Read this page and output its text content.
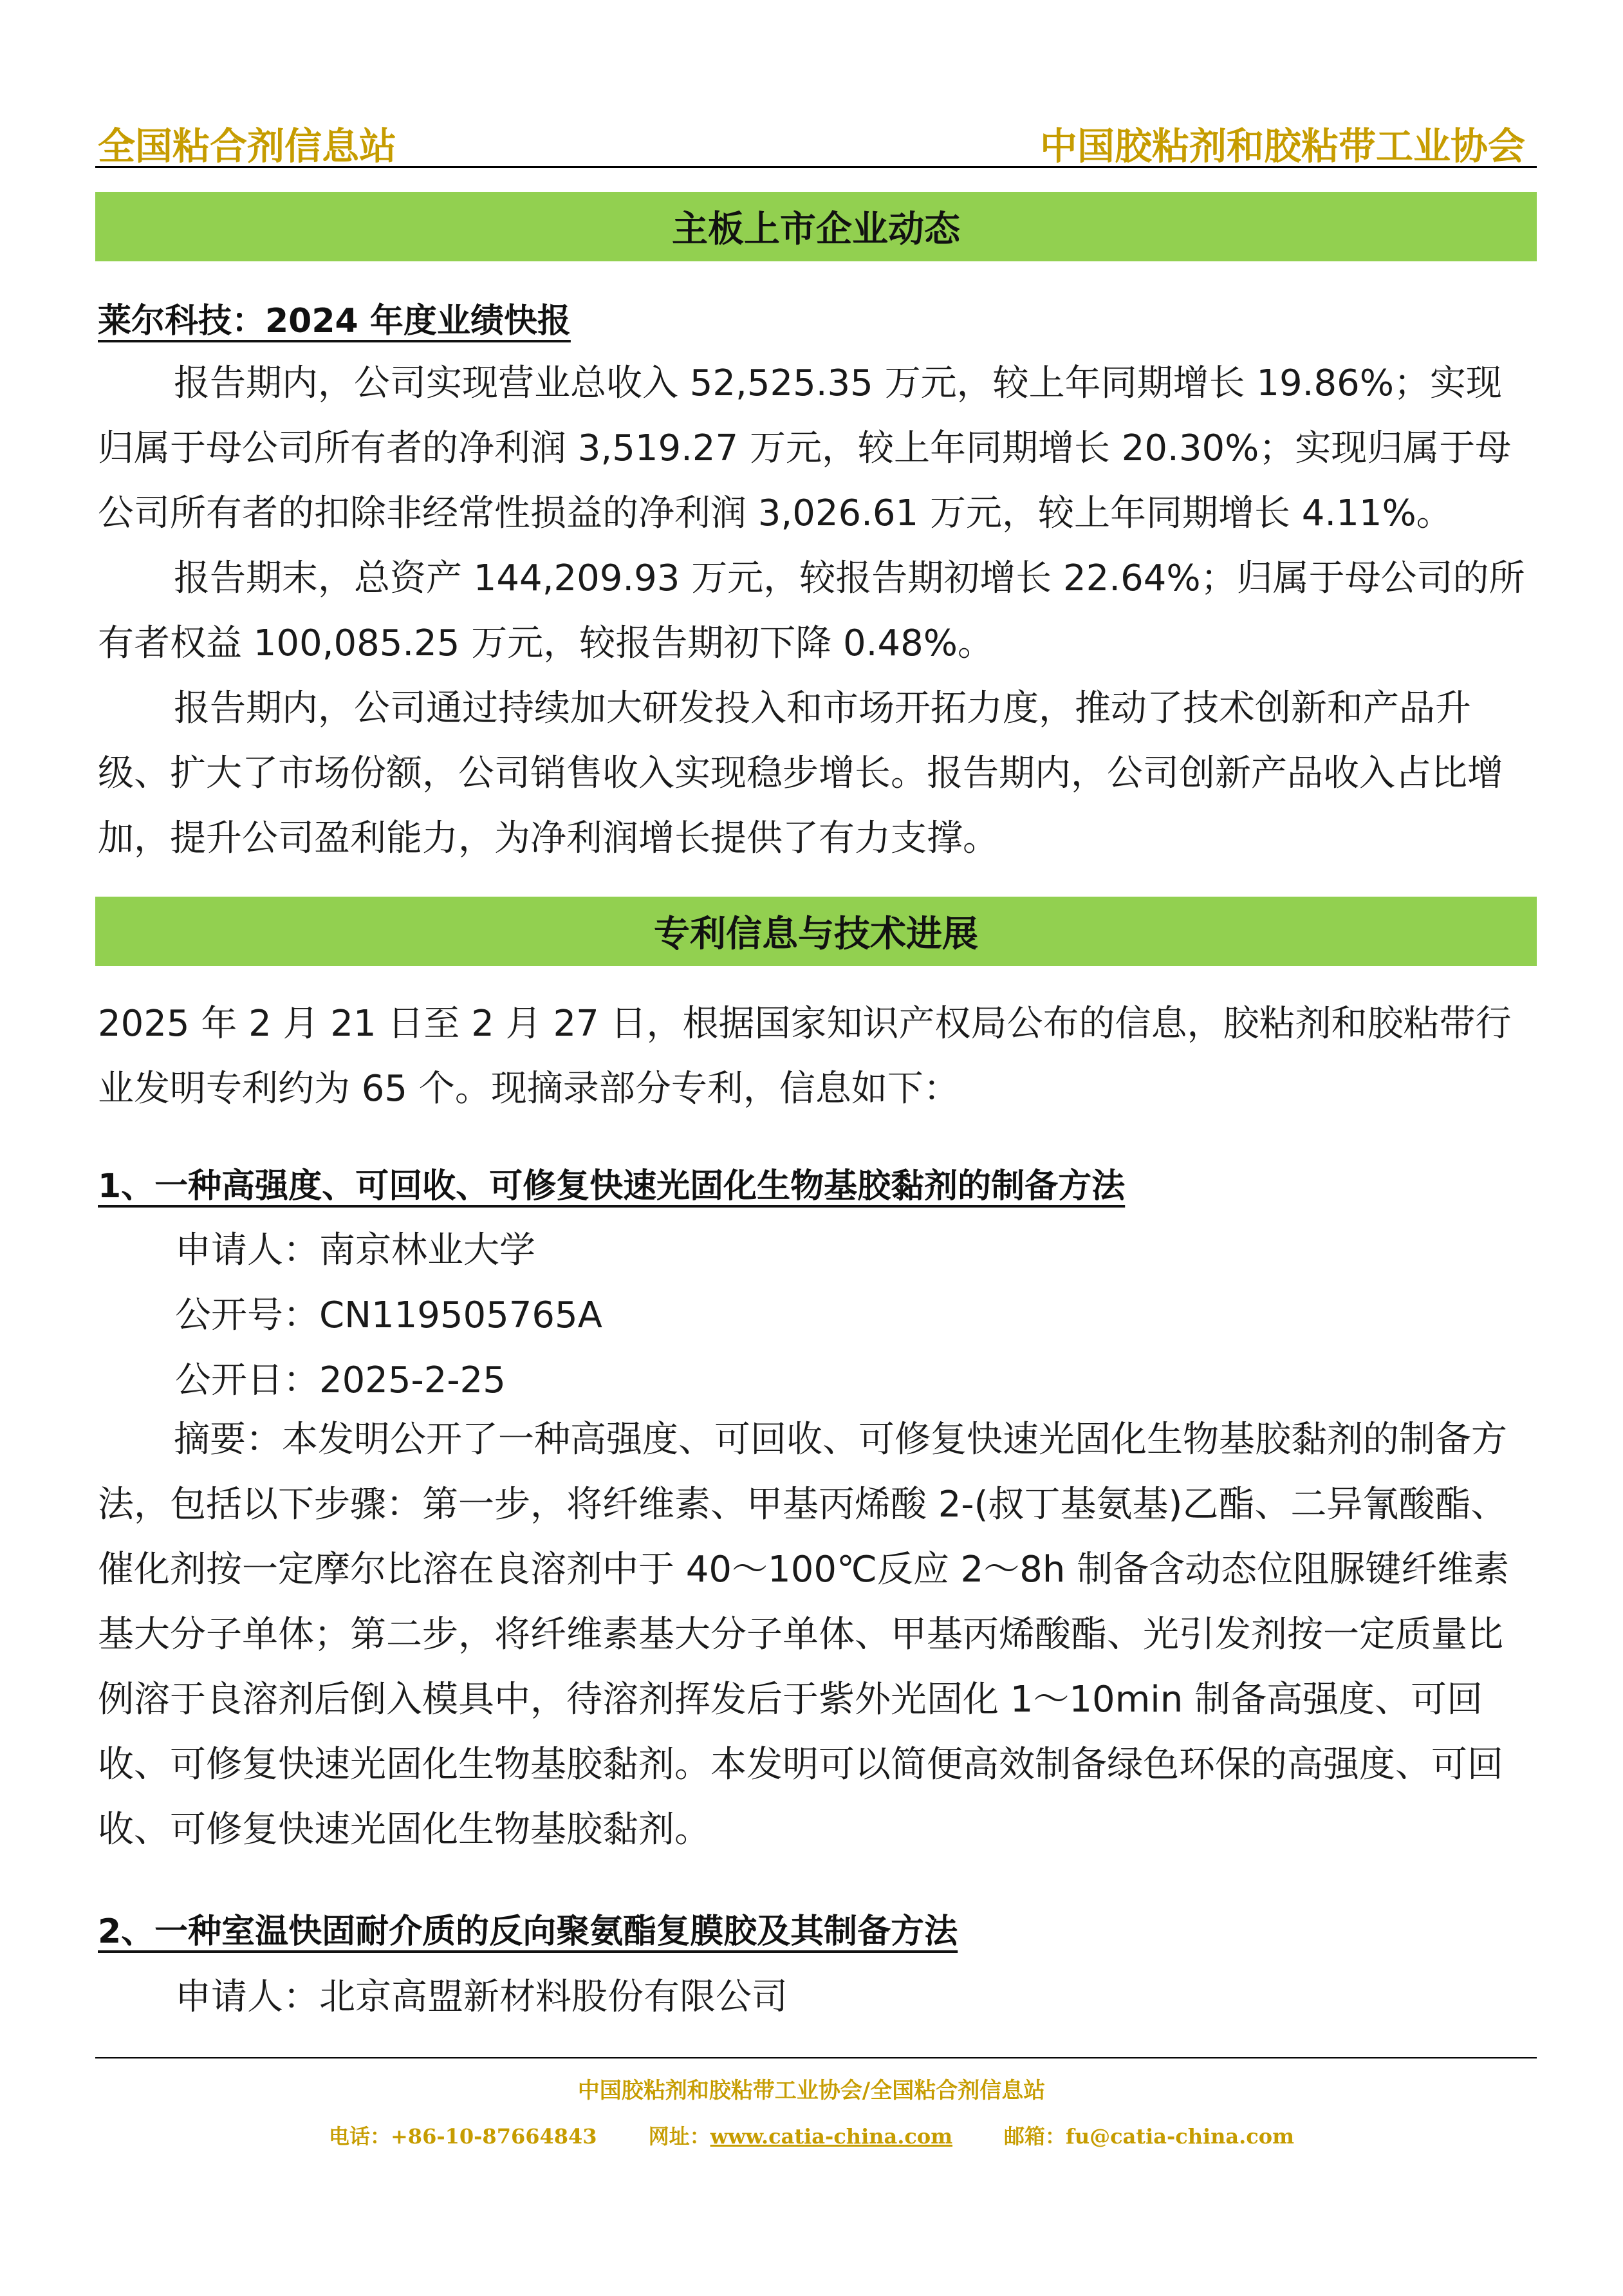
全国粘合剂信息站	中国胶粘剂和胶粘带工业协会
主板上市企业动态
莱尔科技：2024 年度业绩快报
报告期内，公司实现营业总收入 52,525.35 万元，较上年同期增长 19.86%；实现归属于母公司所有者的净利润 3,519.27 万元，较上年同期增长 20.30%；实现归属于母公司所有者的扣除非经常性损益的净利润 3,026.61 万元，较上年同期增长 4.11%。
报告期末，总资产 144,209.93 万元，较报告期初增长 22.64%；归属于母公司的所有者权益 100,085.25 万元，较报告期初下降 0.48%。
报告期内，公司通过持续加大研发投入和市场开拓力度，推动了技术创新和产品升级、扩大了市场份额，公司销售收入实现稳步增长。报告期内，公司创新产品收入占比增加，提升公司盈利能力，为净利润增长提供了有力支撑。
专利信息与技术进展
2025 年 2 月 21 日至 2 月 27 日，根据国家知识产权局公布的信息，胶粘剂和胶粘带行业发明专利约为 65 个。现摘录部分专利，信息如下：
1、一种高强度、可回收、可修复快速光固化生物基胶黏剂的制备方法
申请人：南京林业大学
公开号：CN119505765A
公开日：2025-2-25
摘要：本发明公开了一种高强度、可回收、可修复快速光固化生物基胶黏剂的制备方法，包括以下步骤：第一步，将纤维素、甲基丙烯酸 2-(叔丁基氨基)乙酯、二异氰酸酯、催化剂按一定摩尔比溶在良溶剂中于 40～100℃反应 2～8h 制备含动态位阻脲键纤维素基大分子单体；第二步，将纤维素基大分子单体、甲基丙烯酸酯、光引发剂按一定质量比例溶于良溶剂后倒入模具中，待溶剂挥发后于紫外光固化 1～10min 制备高强度、可回收、可修复快速光固化生物基胶黏剂。本发明可以简便高效制备绿色环保的高强度、可回收、可修复快速光固化生物基胶黏剂。
2、一种室温快固耐介质的反向聚氨酯复膜胶及其制备方法
申请人：北京高盟新材料股份有限公司
中国胶粘剂和胶粘带工业协会/全国粘合剂信息站
电话：+86-10-87664843	网址：www.catia-china.com	邮箱：fu@catia-china.com
